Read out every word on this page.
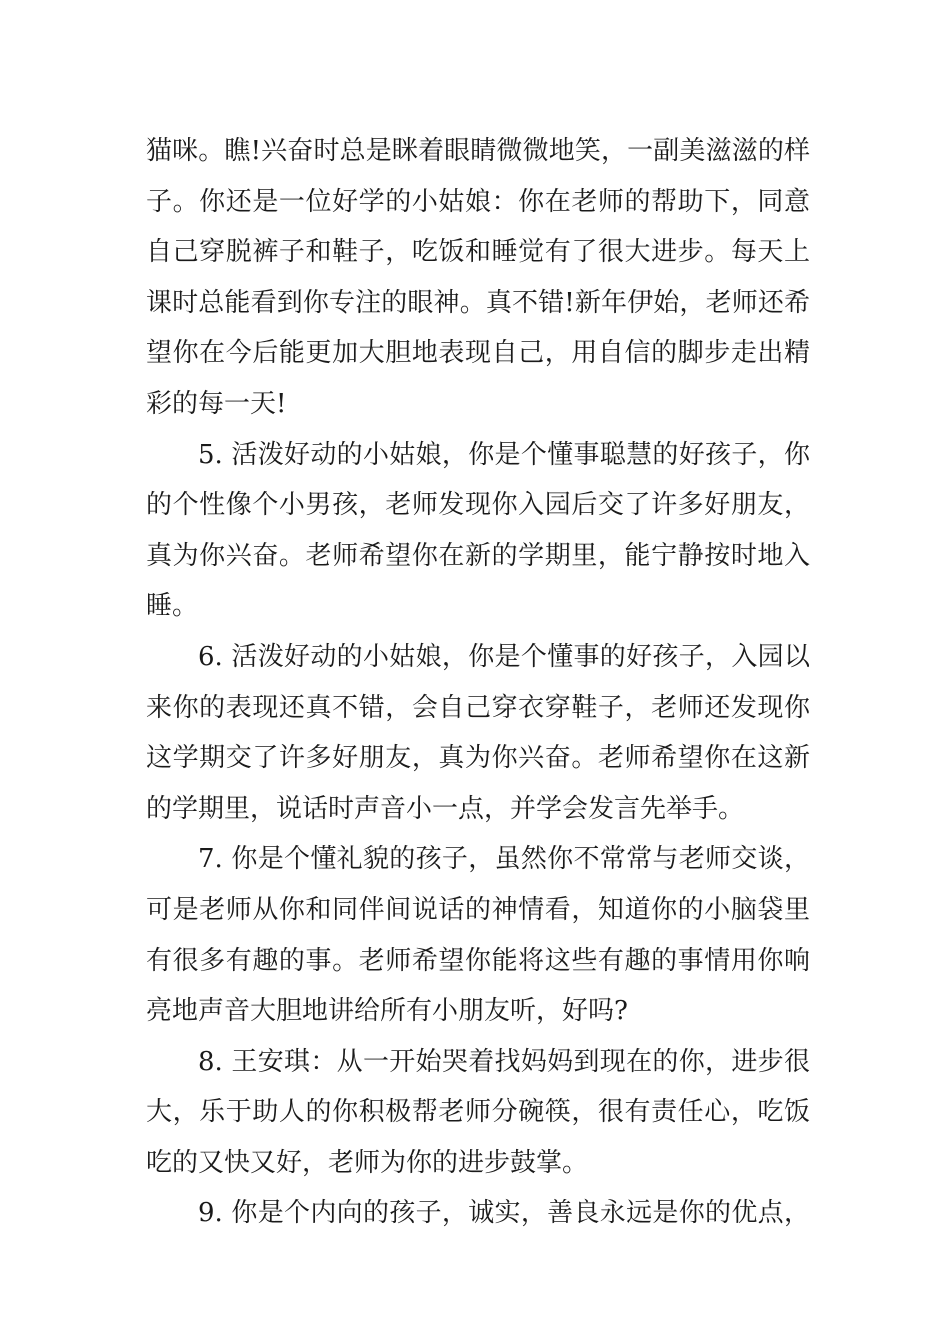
猫咪。瞧!兴奋时总是眯着眼睛微微地笑，一副美滋滋的样
子。你还是一位好学的小姑娘：你在老师的帮助下，同意
自己穿脱裤子和鞋子，吃饭和睡觉有了很大进步。每天上
课时总能看到你专注的眼神。真不错!新年伊始，老师还希
望你在今后能更加大胆地表现自己，用自信的脚步走出精
彩的每一天!
5. 活泼好动的小姑娘，你是个懂事聪慧的好孩子，你
的个性像个小男孩，老师发现你入园后交了许多好朋友，
真为你兴奋。老师希望你在新的学期里，能宁静按时地入
睡。
6. 活泼好动的小姑娘，你是个懂事的好孩子，入园以
来你的表现还真不错，会自己穿衣穿鞋子，老师还发现你
这学期交了许多好朋友，真为你兴奋。老师希望你在这新
的学期里，说话时声音小一点，并学会发言先举手。
7. 你是个懂礼貌的孩子，虽然你不常常与老师交谈，
可是老师从你和同伴间说话的神情看，知道你的小脑袋里
有很多有趣的事。老师希望你能将这些有趣的事情用你响
亮地声音大胆地讲给所有小朋友听，好吗?
8. 王安琪：从一开始哭着找妈妈到现在的你，进步很
大，乐于助人的你积极帮老师分碗筷，很有责任心，吃饭
吃的又快又好，老师为你的进步鼓掌。
9. 你是个内向的孩子，诚实，善良永远是你的优点，
